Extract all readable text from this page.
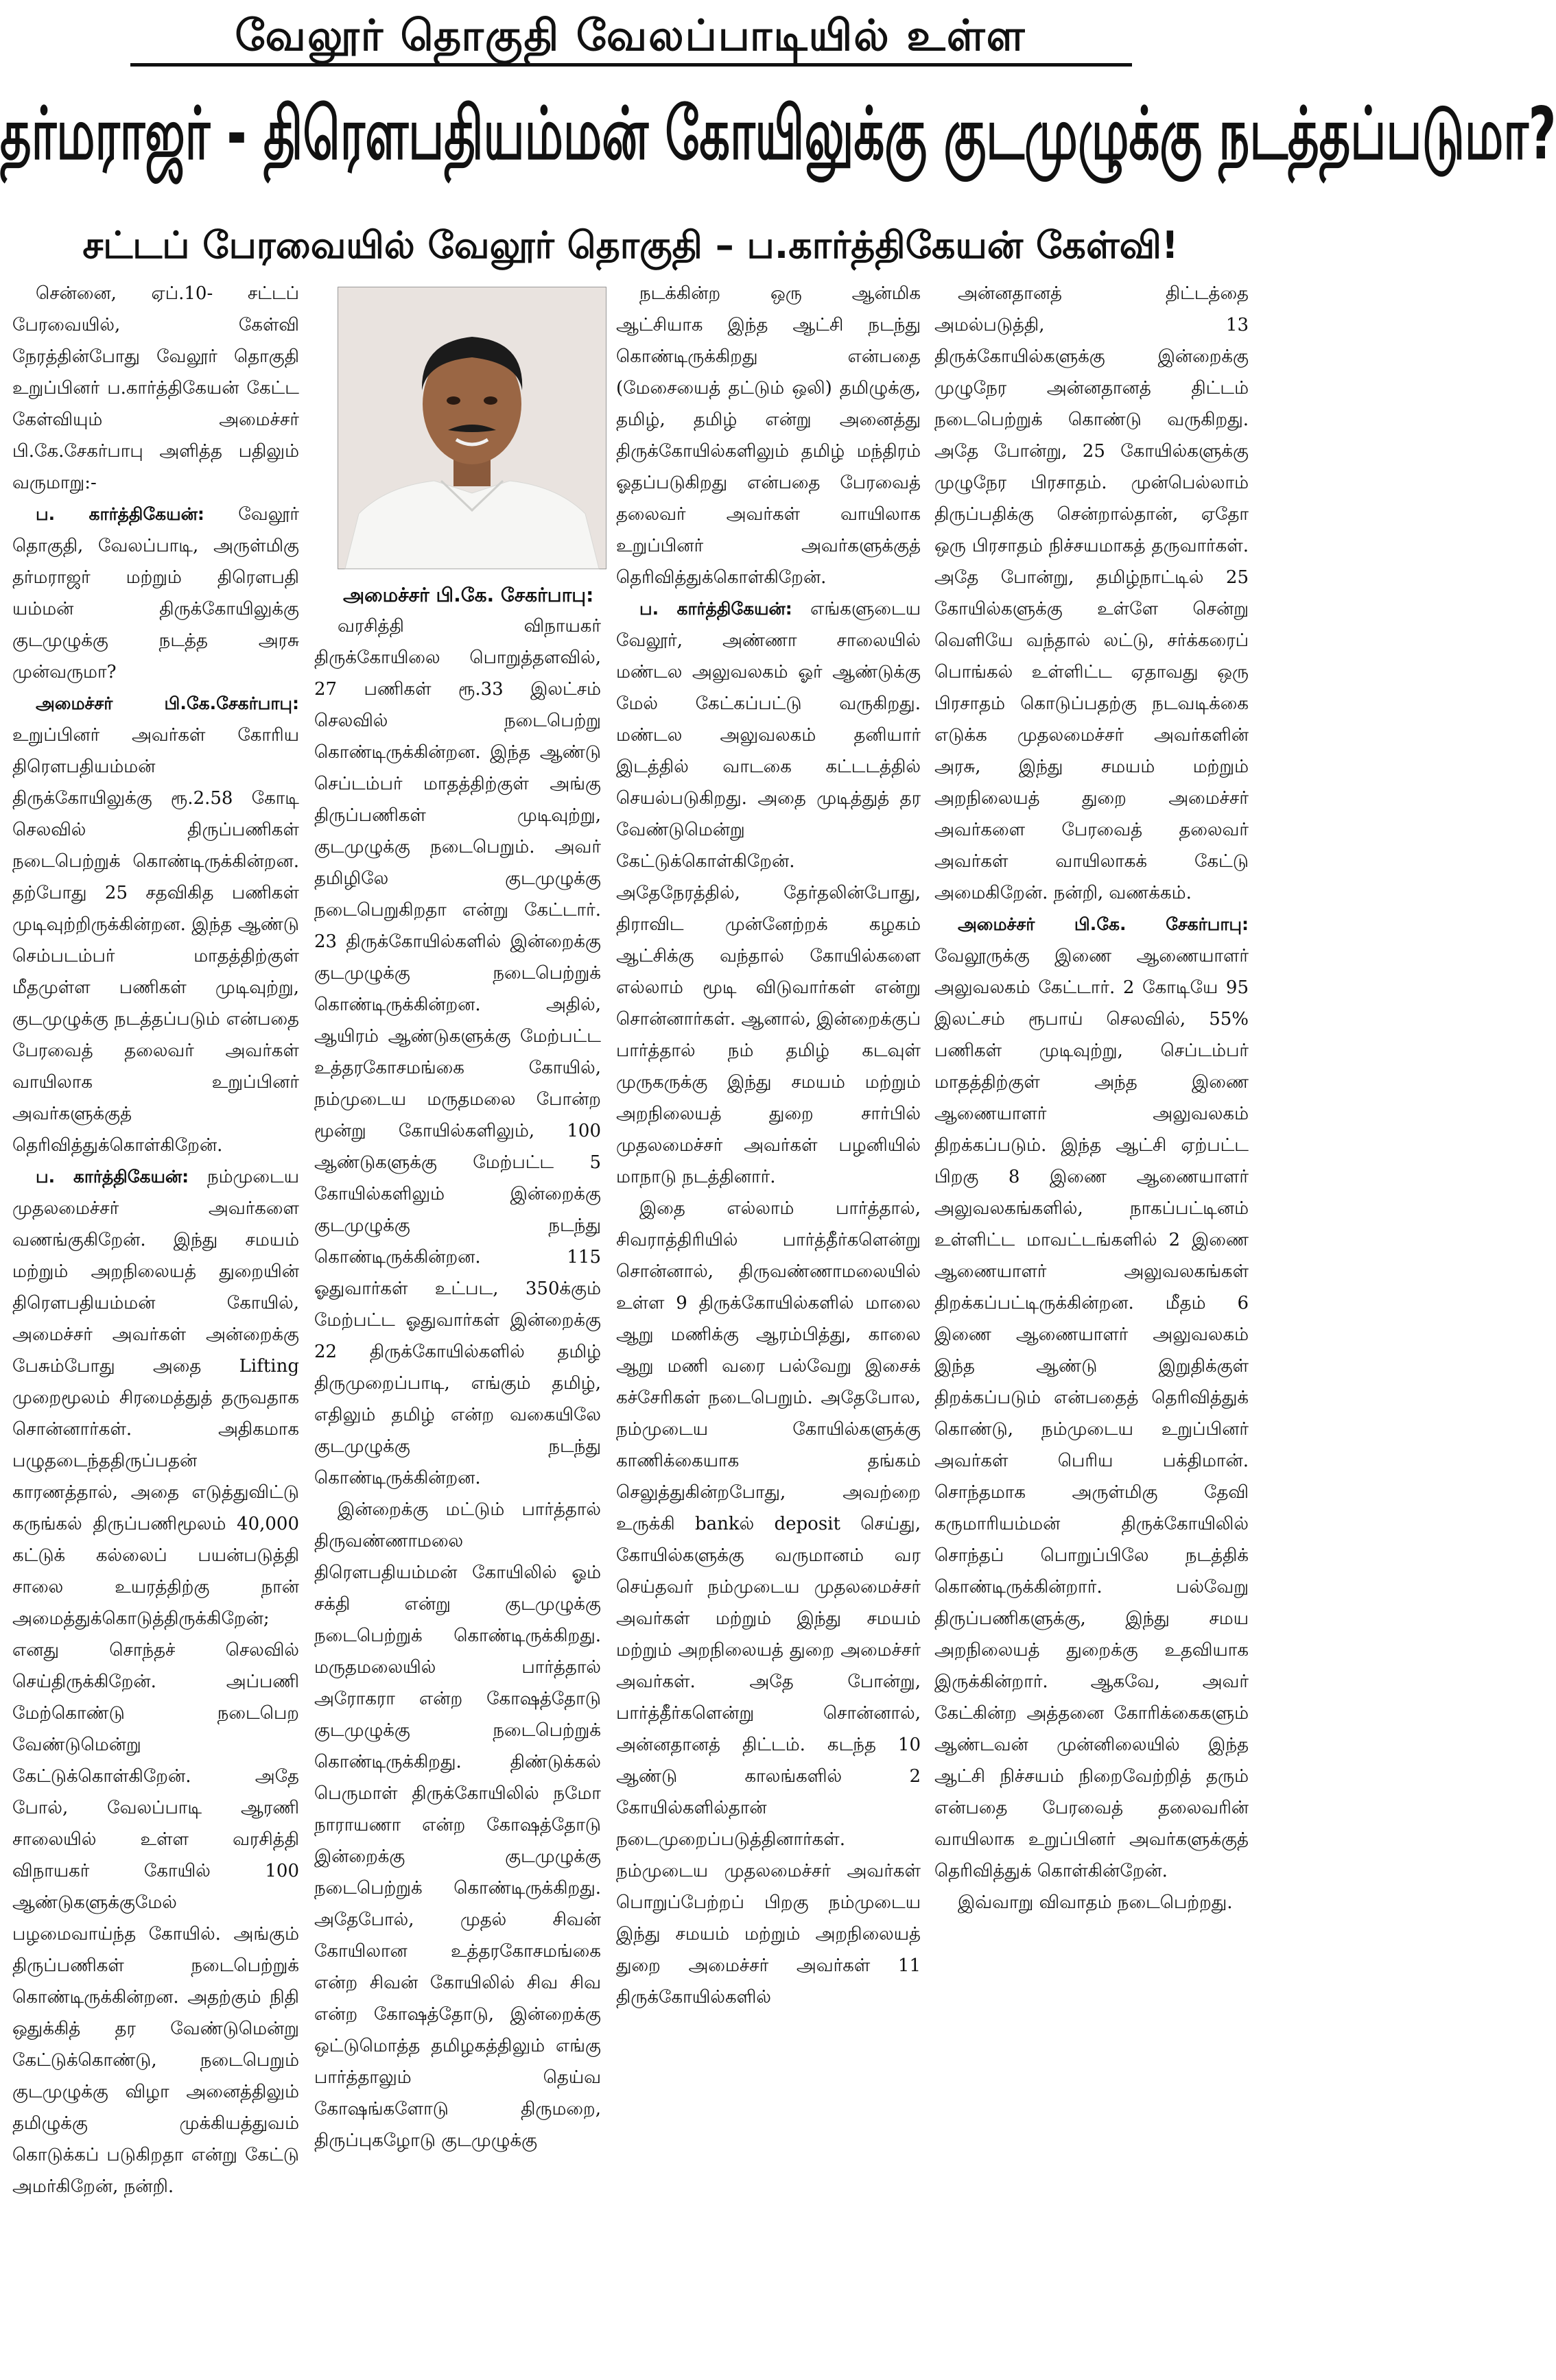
வேலூர் தொகுதி வேலப்பாடியில் உள்ள
தர்மராஜர் - திரௌபதியம்மன் கோயிலுக்கு குடமுழுக்கு நடத்தப்படுமா?
சட்டப் பேரவையில் வேலூர் தொகுதி – ப.கார்த்திகேயன் கேள்வி!
அமைச்சர் பி.கே. சேகர்பாபு:

சென்னை, ஏப்.10- சட்டப் பேரவையில், கேள்வி நேரத்தின்போது வேலூர் தொகுதி உறுப்பினர் ப.கார்த்திகேயன் கேட்ட கேள்வியும் அமைச்சர் பி.கே.சேகர்பாபு அளித்த பதிலும் வருமாறு:-

ப. கார்த்திகேயன்: வேலூர் தொகுதி, வேலப்பாடி, அருள்மிகு தர்மராஜர் மற்றும் திரௌபதி யம்மன் திருக்கோயிலுக்கு குடமுழுக்கு நடத்த அரசு முன்வருமா?

அமைச்சர் பி.கே.சேகர்பாபு: உறுப்பினர் அவர்கள் கோரிய திரௌபதியம்மன் திருக்கோயிலுக்கு ரூ.2.58 கோடி செலவில் திருப்பணிகள் நடைபெற்றுக் கொண்டிருக்கின்றன. தற்போது 25 சதவிகித பணிகள் முடிவுற்றிருக்கின்றன. இந்த ஆண்டு செம்படம்பர் மாதத்திற்குள் மீதமுள்ள பணிகள் முடிவுற்று, குடமுழுக்கு நடத்தப்படும் என்பதை பேரவைத் தலைவர் அவர்கள் வாயிலாக உறுப்பினர் அவர்களுக்குத் தெரிவித்துக்கொள்கிறேன்.

ப. கார்த்திகேயன்: நம்முடைய முதலமைச்சர் அவர்களை வணங்குகிறேன். இந்து சமயம் மற்றும் அறநிலையத் துறையின் திரௌபதியம்மன் கோயில், அமைச்சர் அவர்கள் அன்றைக்கு பேசும்போது அதை Lifting முறைமூலம் சிரமைத்துத் தருவதாக சொன்னார்கள். அதிகமாக பழுதடைந்ததிருப்பதன் காரணத்தால், அதை எடுத்துவிட்டு கருங்கல் திருப்பணிமூலம் 40,000 கட்டுக் கல்லைப் பயன்படுத்தி சாலை உயரத்திற்கு நான் அமைத்துக்கொடுத்திருக்கிறேன்; எனது சொந்தச் செலவில் செய்திருக்கிறேன். அப்பணி மேற்கொண்டு நடைபெற வேண்டுமென்று கேட்டுக்கொள்கிறேன். அதே போல், வேலப்பாடி ஆரணி சாலையில் உள்ள வரசித்தி விநாயகர் கோயில் 100 ஆண்டுகளுக்குமேல் பழமைவாய்ந்த கோயில். அங்கும் திருப்பணிகள் நடைபெற்றுக் கொண்டிருக்கின்றன. அதற்கும் நிதி ஒதுக்கித் தர வேண்டுமென்று கேட்டுக்கொண்டு, நடைபெறும் குடமுழுக்கு விழா அனைத்திலும் தமிழுக்கு முக்கியத்துவம் கொடுக்கப் படுகிறதா என்று கேட்டு அமர்கிறேன், நன்றி.

வரசித்தி விநாயகர் திருக்கோயிலை பொறுத்தளவில், 27 பணிகள் ரூ.33 இலட்சம் செலவில் நடைபெற்று கொண்டிருக்கின்றன. இந்த ஆண்டு செப்டம்பர் மாதத்திற்குள் அங்கு திருப்பணிகள் முடிவுற்று, குடமுழுக்கு நடைபெறும். அவர் தமிழிலே குடமுழுக்கு நடைபெறுகிறதா என்று கேட்டார். 23 திருக்கோயில்களில் இன்றைக்கு குடமுழுக்கு நடைபெற்றுக் கொண்டிருக்கின்றன. அதில், ஆயிரம் ஆண்டுகளுக்கு மேற்பட்ட உத்தரகோசமங்கை கோயில், நம்முடைய மருதமலை போன்ற மூன்று கோயில்களிலும், 100 ஆண்டுகளுக்கு மேற்பட்ட 5 கோயில்களிலும் இன்றைக்கு குடமுழுக்கு நடந்து கொண்டிருக்கின்றன. 115 ஓதுவார்கள் உட்பட, 350க்கும் மேற்பட்ட ஓதுவார்கள் இன்றைக்கு 22 திருக்கோயில்களில் தமிழ் திருமுறைப்பாடி, எங்கும் தமிழ், எதிலும் தமிழ் என்ற வகையிலே குடமுழுக்கு நடந்து கொண்டிருக்கின்றன.

இன்றைக்கு மட்டும் பார்த்தால் திருவண்ணாமலை திரௌபதியம்மன் கோயிலில் ஓம் சக்தி என்று குடமுழுக்கு நடைபெற்றுக் கொண்டிருக்கிறது. மருதமலையில் பார்த்தால் அரோகரா என்ற கோஷத்தோடு குடமுழுக்கு நடைபெற்றுக் கொண்டிருக்கிறது. திண்டுக்கல் பெருமாள் திருக்கோயிலில் நமோ நாராயணா என்ற கோஷத்தோடு இன்றைக்கு குடமுழுக்கு நடைபெற்றுக் கொண்டிருக்கிறது. அதேபோல், முதல் சிவன் கோயிலான உத்தரகோசமங்கை என்ற சிவன் கோயிலில் சிவ சிவ என்ற கோஷத்தோடு, இன்றைக்கு ஒட்டுமொத்த தமிழகத்திலும் எங்கு பார்த்தாலும் தெய்வ கோஷங்களோடு திருமறை, திருப்புகழோடு குடமுழுக்கு

நடக்கின்ற ஒரு ஆன்மிக ஆட்சியாக இந்த ஆட்சி நடந்து கொண்டிருக்கிறது என்பதை (மேசையைத் தட்டும் ஒலி) தமிழுக்கு, தமிழ், தமிழ் என்று அனைத்து திருக்கோயில்களிலும் தமிழ் மந்திரம் ஓதப்படுகிறது என்பதை பேரவைத் தலைவர் அவர்கள் வாயிலாக உறுப்பினர் அவர்களுக்குத் தெரிவித்துக்கொள்கிறேன்.

ப. கார்த்திகேயன்: எங்களுடைய வேலூர், அண்ணா சாலையில் மண்டல அலுவலகம் ஓர் ஆண்டுக்கு மேல் கேட்கப்பட்டு வருகிறது. மண்டல அலுவலகம் தனியார் இடத்தில் வாடகை கட்டடத்தில் செயல்படுகிறது. அதை முடித்துத் தர வேண்டுமென்று கேட்டுக்கொள்கிறேன். அதேநேரத்தில், தேர்தலின்போது, திராவிட முன்னேற்றக் கழகம் ஆட்சிக்கு வந்தால் கோயில்களை எல்லாம் மூடி விடுவார்கள் என்று சொன்னார்கள். ஆனால், இன்றைக்குப் பார்த்தால் நம் தமிழ் கடவுள் முருகருக்கு இந்து சமயம் மற்றும் அறநிலையத் துறை சார்பில் முதலமைச்சர் அவர்கள் பழனியில் மாநாடு நடத்தினார்.

இதை எல்லாம் பார்த்தால், சிவராத்திரியில் பார்த்தீர்களென்று சொன்னால், திருவண்ணாமலையில் உள்ள 9 திருக்கோயில்களில் மாலை ஆறு மணிக்கு ஆரம்பித்து, காலை ஆறு மணி வரை பல்வேறு இசைக் கச்சேரிகள் நடைபெறும். அதேபோல, நம்முடைய கோயில்களுக்கு காணிக்கையாக தங்கம் செலுத்துகின்றபோது, அவற்றை உருக்கி bankல் deposit செய்து, கோயில்களுக்கு வருமானம் வர செய்தவர் நம்முடைய முதலமைச்சர் அவர்கள் மற்றும் இந்து சமயம் மற்றும் அறநிலையத் துறை அமைச்சர் அவர்கள். அதே போன்று, பார்த்தீர்களென்று சொன்னால், அன்னதானத் திட்டம். கடந்த 10 ஆண்டு காலங்களில் 2 கோயில்களில்தான் நடைமுறைப்படுத்தினார்கள். நம்முடைய முதலமைச்சர் அவர்கள் பொறுப்பேற்றப் பிறகு நம்முடைய இந்து சமயம் மற்றும் அறநிலையத் துறை அமைச்சர் அவர்கள் 11 திருக்கோயில்களில்

அன்னதானத் திட்டத்தை அமல்படுத்தி, 13 திருக்கோயில்களுக்கு இன்றைக்கு முழுநேர அன்னதானத் திட்டம் நடைபெற்றுக் கொண்டு வருகிறது. அதே போன்று, 25 கோயில்களுக்கு முழுநேர பிரசாதம். முன்பெல்லாம் திருப்பதிக்கு சென்றால்தான், ஏதோ ஒரு பிரசாதம் நிச்சயமாகத் தருவார்கள். அதே போன்று, தமிழ்நாட்டில் 25 கோயில்களுக்கு உள்ளே சென்று வெளியே வந்தால் லட்டு, சர்க்கரைப் பொங்கல் உள்ளிட்ட ஏதாவது ஒரு பிரசாதம் கொடுப்பதற்கு நடவடிக்கை எடுக்க முதலமைச்சர் அவர்களின் அரசு, இந்து சமயம் மற்றும் அறநிலையத் துறை அமைச்சர் அவர்களை பேரவைத் தலைவர் அவர்கள் வாயிலாகக் கேட்டு அமைகிறேன். நன்றி, வணக்கம்.

அமைச்சர் பி.கே. சேகர்பாபு: வேலூருக்கு இணை ஆணையாளர் அலுவலகம் கேட்டார். 2 கோடியே 95 இலட்சம் ரூபாய் செலவில், 55% பணிகள் முடிவுற்று, செப்டம்பர் மாதத்திற்குள் அந்த இணை ஆணையாளர் அலுவலகம் திறக்கப்படும். இந்த ஆட்சி ஏற்பட்ட பிறகு 8 இணை ஆணையாளர் அலுவலகங்களில், நாகப்பட்டினம் உள்ளிட்ட மாவட்டங்களில் 2 இணை ஆணையாளர் அலுவலகங்கள் திறக்கப்பட்டிருக்கின்றன. மீதம் 6 இணை ஆணையாளர் அலுவலகம் இந்த ஆண்டு இறுதிக்குள் திறக்கப்படும் என்பதைத் தெரிவித்துக் கொண்டு, நம்முடைய உறுப்பினர் அவர்கள் பெரிய பக்திமான். சொந்தமாக அருள்மிகு தேவி கருமாரியம்மன் திருக்கோயிலில் சொந்தப் பொறுப்பிலே நடத்திக் கொண்டிருக்கின்றார். பல்வேறு திருப்பணிகளுக்கு, இந்து சமய அறநிலையத் துறைக்கு உதவியாக இருக்கின்றார். ஆகவே, அவர் கேட்கின்ற அத்தனை கோரிக்கைகளும் ஆண்டவன் முன்னிலையில் இந்த ஆட்சி நிச்சயம் நிறைவேற்றித் தரும் என்பதை பேரவைத் தலைவரின் வாயிலாக உறுப்பினர் அவர்களுக்குத் தெரிவித்துக் கொள்கின்றேன்.

இவ்வாறு விவாதம் நடைபெற்றது.
